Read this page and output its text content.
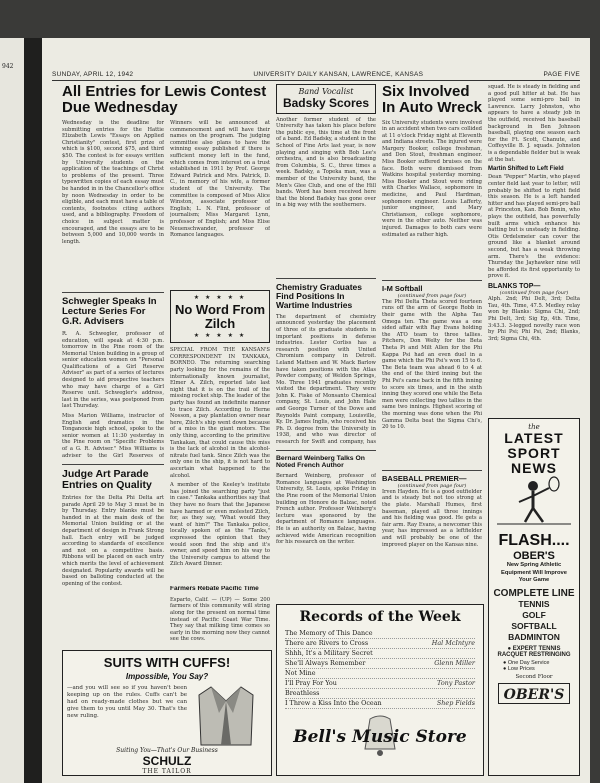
942
SUNDAY, APRIL 12, 1942	UNIVERSITY DAILY KANSAN, LAWRENCE, KANSAS	PAGE FIVE
All Entries for Lewis Contest Due Wednesday

Wednesday is the deadline for submitting entries for the Hattie Elizabeth Lewis "Essays on Applied Christianity" contest, first prize of which is $100, second $75, and third $50. The contest is for essays written by University students on the application of the teachings of Christ to problems of the present. Three typewritten copies of each essay must be handed in in the Chancellor's office by noon Wednesday in order to be eligible, and each must have a table of contents, footnotes citing authors used, and a bibliography. Freedom of choice in subject matter is encouraged, and the essays are to be between 5,000 and 10,000 words in length.

Winners will be announced at commencement and will have their names on the program. The judging committee also plans to have the winning essay published if there is sufficient money left in the fund, which comes from interest on a trust established in 1911 by Prof. George Edward Patrick and Mrs. Patrick, D. C., in memory of his wife, a former student of the University. The committee is composed of Miss Alice Winston, associate professor of English; L. N. Flint, professor of journalism; Miss Margaret Lynn, professor of English; and Miss Elise Neuenschwander, professor of Romance languages.

Schwegler Speaks In Lecture Series For G.R. Advisers

R. A. Schwegler, professor of education, will speak at 4:30 p.m. tomorrow in the Pine room of the Memorial Union building in a group of senior education women on "Personal Qualifications of a Girl Reserve Adviser" as part of a series of lectures designed to aid prospective teachers who may have charge of a Girl Reserve unit. Schwegler's address, last in the series, was postponed from last Thursday.

Miss Marion Williams, instructor of English and dramatics in the Tonganoxie high school, spoke to the senior women at 11:30 yesterday in the Pine room on "Specific Problems of a G. R. Adviser." Miss Williams is adviser to the Girl Reserves of

Judge Art Parade Entries on Quality

Entries for the Delta Phi Delta art parade April 29 to May 3 must be in by Thursday. Entry blanks must be handed in at the main desk of the Memorial Union building or at the department of design in Frank Strong hall. Each entry will be judged according to standards of excellence and not on a competitive basis. Ribbons will be placed on each entry which merits the level of achievement designated. Popularity awards will be based on balloting conducted at the opening of the contest.

★ ★ ★ ★ ★
No Word From Zilch
★ ★ ★ ★ ★

SPECIAL FROM THE KANSAN'S CORRESPONDENT IN TANKAKA, BORNEO. The returning searching party looking for the remains of the internationally known journalist, Elmer A. Zilch, reported late last night that it is on the trail of the missing rocket ship. The leader of the party has found an indefinite manner to trace Zilch. According to Herne Nosson, a pay plantation owner near here, Zilch's ship went down because of a miss in the giant motors. The only thing, according to the primitive Tankakan, that could cause this miss is the lack of alcohol in the alcohol-nitrate fuel tank. Since Zilch was the only one in the ship, it is not hard to ascertain what happened to the alcohol.

A member of the Keeley's institute has joined the searching party "just in case." Tankaka authorities say that they have no fears that the Japanese have harmed or even molested Zilch, for, as they say, "What would they want of him?" The Tankaka police, locally spoken of as the "Tanks," expressed the opinion that they would soon find the ship and it's owner, and speed him on his way to the University campus to attend the Zilch Award Dinner.

Farmers Rebate Pacific Time

Esparto, Calif. — (UP) — Some 200 farmers of this community will string along for the present on normal time instead of Pacific Coast War Time. They say that milking time comes so early in the morning now they cannot see the cows.

Band Vocalist
Badsky Scores

Another former student of the University has taken his place before the public eye, this time at the front of a band. Ed Badsky, a student in the School of Fine Arts last year, is now playing and singing with Bob Lee's orchestra, and is also broadcasting from Columbia, S. C., three times a week. Badsky, a Topeka man, was a member of the University band, the Men's Glee Club, and one of the Hill bands. Word has been received here that the blond Badsky has gone over in a big way with the southerners.

Chemistry Graduates Find Positions In Wartime Industries

The department of chemistry announced yesterday the placement of three of its graduate students in important positions in defense industries. Lester Corliss has a research position with United Chromium company in Detroit. Leland Mattsen and W. Mack Barlow have taken positions with the Atlas Powder company, of Weldon Springs, Mo. Three 1941 graduates recently visited the department. They were John K. Fiske of Monsanto Chemical company, St. Louis, and John Hale and George Turner of the Dowe and Reynolds Paint company, Louisville, Ky. Dr. James Inglis, who received his Ph. D. degree from the University in 1938, and who was director of research for Swift and company, has

Bernard Weinberg Talks On Noted French Author

Bernard Weinberg, professor of Romance languages at Washington University, St. Louis, spoke Friday in the Pine room of the Memorial Union building on Honore de Balzac, noted French author. Professor Weinberg's lecture was sponsored by the department of Romance languages. He is an authority on Balzac, having achieved wide American recognition for his research on the writer.

Six Involved In Auto Wreck

Six University students were involved in an accident when two cars collided at 11 o'clock Friday night at Eleventh and Indiana streets. The injured were Margery Booker, college freshman, and Don Stout, freshman engineer. Miss Booker suffered bruises on the face. Both were dismissed from Watkins hospital yesterday morning. Miss Booker and Stout were riding with Charles Wallace, sophomore in medicine, and Paul Hardman, sophomore engineer. Louis Lafferty, junior engineer, and Mary Christianson, college sophomore, were in the other auto. Neither was injured. Damages to both cars were estimated as rather high.

I-M Softball
(continued from page four)

The Phi Delta Theta scored fourteen runs off the arm of George Robb in their game with the Alpha Tau Omega ten. The game was a one sided affair with Ray Evans holding the ATO team to three tallies. Pitchers, Don Welty for the Beta Theta Pi and Milt Allen for the Phi Kappa Psi had an even duel in a game which the Phi Psi's won 15 to 6. The Beta team was ahead 6 to 4 at the end of the third inning but the Phi Psi's came back in the fifth inning to score six times, and in the sixth inning they scored one while the Beta men were collecting two tallies in the same two innings. Highest scoring of the morning was done when the Phi Gamma Delta beat the Sigma Chi's, 20 to 10.

BASEBALL PREMIER—
(continued from page four)

Irven Hayden. He is a good outfielder and is steady but not too strong at the plate. Marshall Humes, first baseman, played all three innings and his fielding was good. He gets a fair arm. Ray Evans, a newcomer this year, has impressed as a leftfielder and will probably be one of the improved player on the Kansas nine.

squad. He is steady in fielding and a good pull hitter at bat. He has played some semi-pro ball in Lawrence. Larry Johnston, who appears to have a steady job in the outfield, received his baseball background in Ben Johnson baseball, playing one season each for the Ft. Scott, Chanute, and Coffeyville B. J. squads. Johnston is a dependable fielder but is weak at the bat.

Martin Shifted to Left Field

Dean "Pepper" Martin, who played center field last year to letter, will probably be shifted to right field this season. He is a left handed hitter and has played semi-pro ball at Princeton, Kan. Bob Bonin, who plays the outfield, has powerfully built arms which enhance his batting but is unsteady in fielding. Otis Ordelsmeier can cover the ground like a blanket around second, but has a weak throwing arm. There's the evidence: Thursday the Jayhawker nine will be afforded its first opportunity to prove it.

BLANKS TOP—
(continued from page four)

Alph. 2nd; Phi Delt, 3rd; Delta Tau, 4th. Time, 47.5. Medley relay won by Blanks: Sigma Chi, 2nd; Phi Delt, 3rd; Sig Ep, 4th. Time, 3:43.3. 3-legged novelty race won by Phi Psi; Phi Psi, 2nd; Blanks, 3rd; Sigma Chi, 4th.

the
LATEST
SPORT
NEWS
FLASH....
OBER'S
New Spring Athletic
Equipment Will Improve
Your Game
COMPLETE LINE
TENNIS
GOLF
SOFTBALL
BADMINTON
● EXPERT TENNIS
RACQUET RESTRINGING
● One Day Service
● Low Prices
Second Floor
OBER'S
SUITS WITH CUFFS!
Impossible, You Say?

—and you will see so if you haven't been keeping up on the rules. Cuffs can't be had on ready-made clothes but we can give them to you until May 30. That's the new ruling.

Suiting You—That's Our Business
SCHULZ
THE TAILOR
Records of the Week
The Memory of This Dance
There are Rivers to Cross	Hal McIntyre
Shhh, It's a Military Secret
She'll Always Remember	Glenn Miller
Not Mine
I'll Pray For You	Tony Pastor
Breathless
I Threw a Kiss Into the Ocean	Shep Fields
Bell's Music Store
